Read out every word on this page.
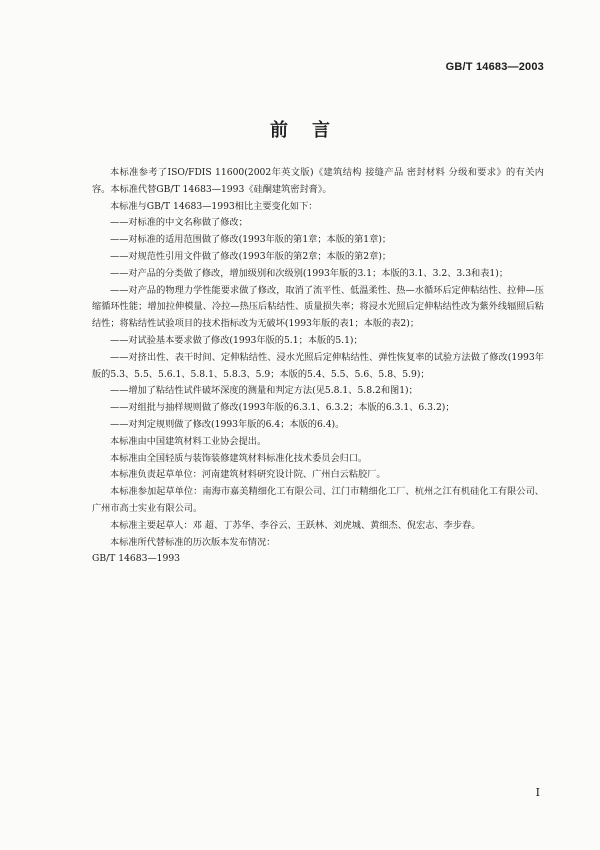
GB/T 14683—2003
前言

本标准参考了ISO/FDIS 11600(2002年英文版)《建筑结构 接缝产品 密封材料 分级和要求》的有关内容。本标准代替GB/T 14683—1993《硅酮建筑密封膏》。

本标准与GB/T 14683—1993相比主要变化如下：

——对标准的中文名称做了修改；

——对标准的适用范围做了修改(1993年版的第1章；本版的第1章)；

——对规范性引用文件做了修改(1993年版的第2章；本版的第2章)；

——对产品的分类做了修改，增加级别和次级别(1993年版的3.1；本版的3.1、3.2、3.3和表1)；

——对产品的物理力学性能要求做了修改，取消了流平性、低温柔性、热—水循环后定伸粘结性、拉伸—压缩循环性能；增加拉伸模量、冷拉—热压后粘结性、质量损失率；将浸水光照后定伸粘结性改为紫外线辐照后粘结性；将粘结性试验项目的技术指标改为无破坏(1993年版的表1；本版的表2)；

——对试验基本要求做了修改(1993年版的5.1；本版的5.1)；

——对挤出性、表干时间、定伸粘结性、浸水光照后定伸粘结性、弹性恢复率的试验方法做了修改(1993年版的5.3、5.5、5.6.1、5.8.1、5.8.3、5.9；本版的5.4、5.5、5.6、5.8、5.9)；

——增加了粘结性试件破坏深度的测量和判定方法(见5.8.1、5.8.2和图1)；

——对组批与抽样规则做了修改(1993年版的6.3.1、6.3.2；本版的6.3.1、6.3.2)；

——对判定规则做了修改(1993年版的6.4；本版的6.4)。

本标准由中国建筑材料工业协会提出。

本标准由全国轻质与装饰装修建筑材料标准化技术委员会归口。

本标准负责起草单位：河南建筑材料研究设计院、广州白云粘胶厂。

本标准参加起草单位：南海市嘉美精细化工有限公司、江门市精细化工厂、杭州之江有机硅化工有限公司、广州市高士实业有限公司。

本标准主要起草人：邓 超、丁苏华、李谷云、王跃林、刘虎城、黄细杰、倪宏志、李步春。

本标准所代替标准的历次版本发布情况：

GB/T 14683—1993

I
